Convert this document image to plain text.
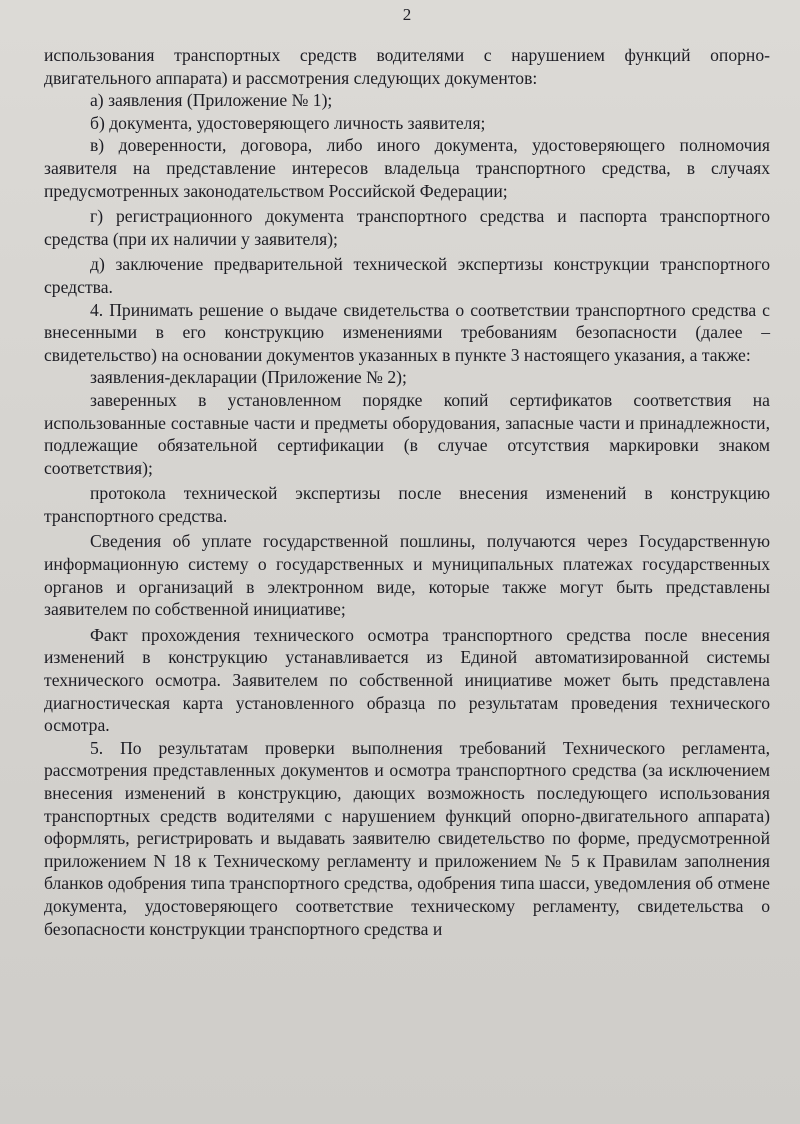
2

использования транспортных средств водителями с нарушением функций опорно-двигательного аппарата) и рассмотрения следующих документов:

а) заявления (Приложение № 1);

б) документа, удостоверяющего личность заявителя;

в) доверенности, договора, либо иного документа, удостоверяющего полномочия заявителя на представление интересов владельца транспортного средства, в случаях предусмотренных законодательством Российской Федерации;

г) регистрационного документа транспортного средства и паспорта транспортного средства (при их наличии у заявителя);

д) заключение предварительной технической экспертизы конструкции транспортного средства.

4. Принимать решение о выдаче свидетельства о соответствии транспортного средства с внесенными в его конструкцию изменениями требованиям безопасности (далее – свидетельство) на основании документов указанных в пункте 3 настоящего указания, а также:

заявления-декларации (Приложение № 2);

заверенных в установленном порядке копий сертификатов соответствия на использованные составные части и предметы оборудования, запасные части и принадлежности, подлежащие обязательной сертификации (в случае отсутствия маркировки знаком соответствия);

протокола технической экспертизы после внесения изменений в конструкцию транспортного средства.

Сведения об уплате государственной пошлины, получаются через Государственную информационную систему о государственных и муниципальных платежах государственных органов и организаций в электронном виде, которые также могут быть представлены заявителем по собственной инициативе;

Факт прохождения технического осмотра транспортного средства после внесения изменений в конструкцию устанавливается из Единой автоматизированной системы технического осмотра. Заявителем по собственной инициативе может быть представлена диагностическая карта установленного образца по результатам проведения технического осмотра.

5. По результатам проверки выполнения требований Технического регламента, рассмотрения представленных документов и осмотра транспортного средства (за исключением внесения изменений в конструкцию, дающих возможность последующего использования транспортных средств водителями с нарушением функций опорно-двигательного аппарата) оформлять, регистрировать и выдавать заявителю свидетельство по форме, предусмотренной приложением N 18 к Техническому регламенту и приложением № 5 к Правилам заполнения бланков одобрения типа транспортного средства, одобрения типа шасси, уведомления об отмене документа, удостоверяющего соответствие техническому регламенту, свидетельства о безопасности конструкции транспортного средства и
